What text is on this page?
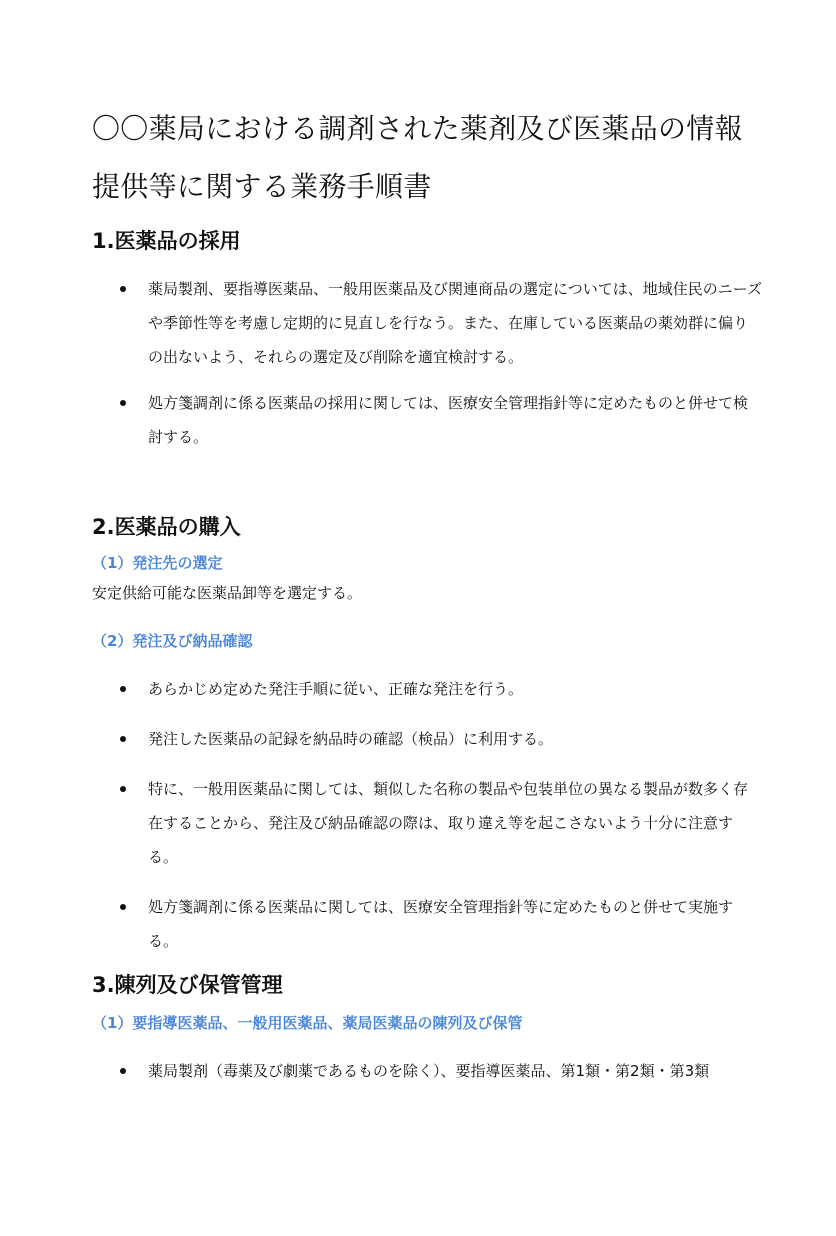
〇〇薬局における調剤された薬剤及び医薬品の情報
提供等に関する業務手順書
1.医薬品の採用
薬局製剤、要指導医薬品、一般用医薬品及び関連商品の選定については、地域住民のニーズや季節性等を考慮し定期的に見直しを行なう。また、在庫している医薬品の薬効群に偏りの出ないよう、それらの選定及び削除を適宜検討する。
処方箋調剤に係る医薬品の採用に関しては、医療安全管理指針等に定めたものと併せて検討する。
2.医薬品の購入
（1）発注先の選定

安定供給可能な医薬品卸等を選定する。

（2）発注及び納品確認
あらかじめ定めた発注手順に従い、正確な発注を行う。
発注した医薬品の記録を納品時の確認（検品）に利用する。
特に、一般用医薬品に関しては、類似した名称の製品や包装単位の異なる製品が数多く存在することから、発注及び納品確認の際は、取り違え等を起こさないよう十分に注意する。
処方箋調剤に係る医薬品に関しては、医療安全管理指針等に定めたものと併せて実施する。
3.陳列及び保管管理
（1）要指導医薬品、一般用医薬品、薬局医薬品の陳列及び保管
薬局製剤（毒薬及び劇薬であるものを除く）、要指導医薬品、第1類・第2類・第3類
